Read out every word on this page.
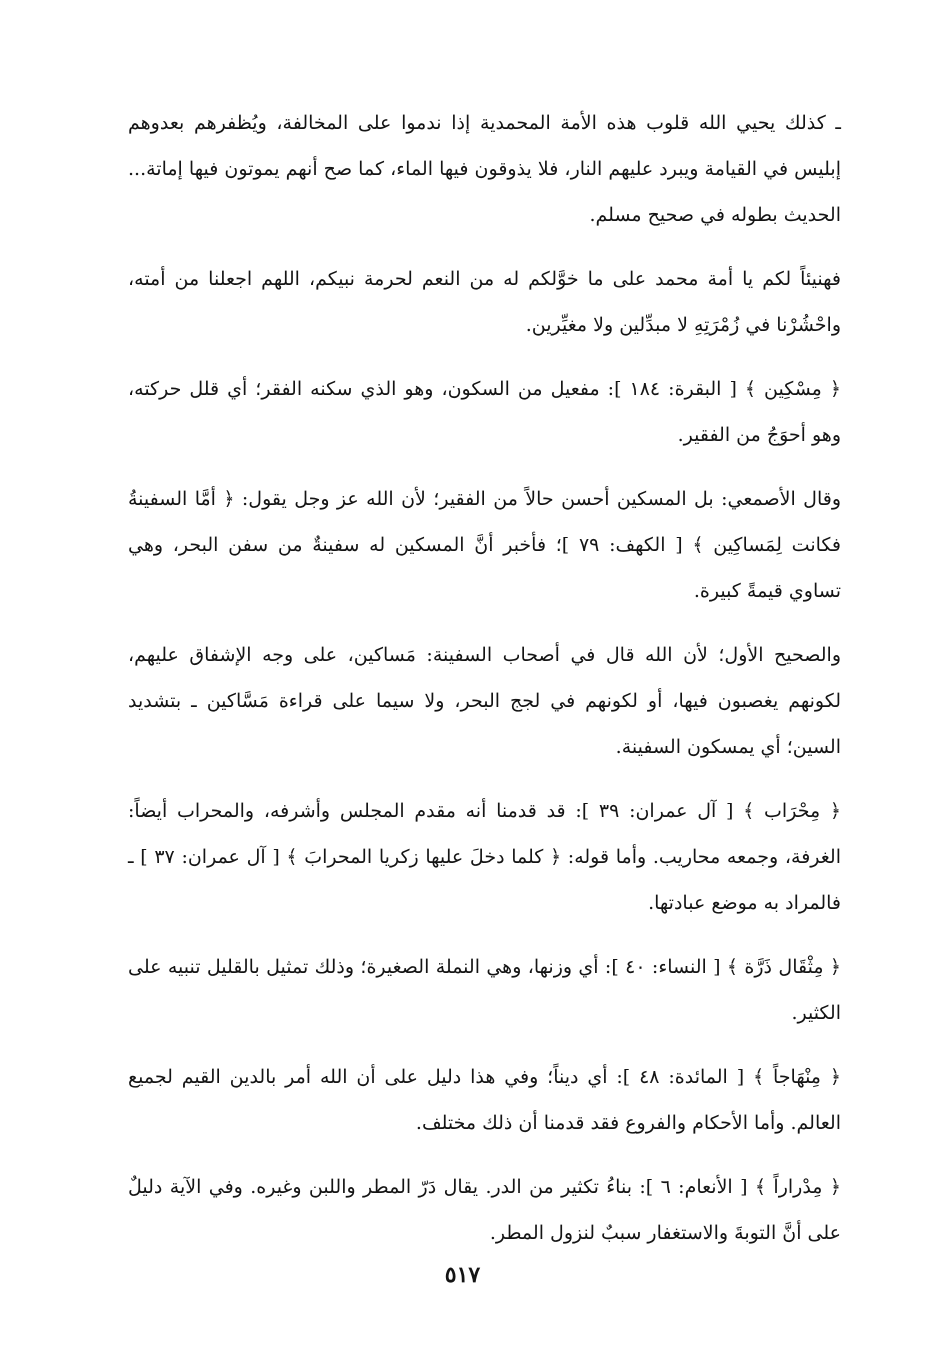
ـ كذلك يحيي الله قلوب هذه الأمة المحمدية إذا ندموا على المخالفة، ويُظفرهم بعدوهم إبليس في القيامة ويبرد عليهم النار، فلا يذوقون فيها الماء، كما صح أنهم يموتون فيها إماتة... الحديث بطوله في صحيح مسلم.

فهنيئاً لكم يا أمة محمد على ما خوَّلكم له من النعم لحرمة نبيكم، اللهم اجعلنا من أمته، واحْشُرْنا في زُمْرَتِهِ لا مبدِّلين ولا مغيِّرين.

﴿ مِسْكِين ﴾ [ البقرة: ١٨٤ ]: مفعيل من السكون، وهو الذي سكنه الفقر؛ أي قلل حركته، وهو أحوَجُ من الفقير.

وقال الأصمعي: بل المسكين أحسن حالاً من الفقير؛ لأن الله عز وجل يقول: ﴿ أمَّا السفينةُ فكانت لِمَساكِين ﴾ [ الكهف: ٧٩ ]؛ فأخبر أنَّ المسكين له سفينةٌ من سفن البحر، وهي تساوي قيمةً كبيرة.

والصحيح الأول؛ لأن الله قال في أصحاب السفينة: مَساكين، على وجه الإشفاق عليهم، لكونهم يغصبون فيها، أو لكونهم في لجج البحر، ولا سيما على قراءة مَسَّاكين ـ بتشديد السين؛ أي يمسكون السفينة.

﴿ مِحْرَاب ﴾ [ آل عمران: ٣٩ ]: قد قدمنا أنه مقدم المجلس وأشرفه، والمحراب أيضاً: الغرفة، وجمعه محاريب. وأما قوله: ﴿ كلما دخلَ عليها زكريا المحرابَ ﴾ [ آل عمران: ٣٧ ] ـ فالمراد به موضع عبادتها.

﴿ مِثْقَال ذَرَّة ﴾ [ النساء: ٤٠ ]: أي وزنها، وهي النملة الصغيرة؛ وذلك تمثيل بالقليل تنبيه على الكثير.

﴿ مِنْهَاجاً ﴾ [ المائدة: ٤٨ ]: أي ديناً؛ وفي هذا دليل على أن الله أمر بالدين القيم لجميع العالم. وأما الأحكام والفروع فقد قدمنا أن ذلك مختلف.

﴿ مِدْراراً ﴾ [ الأنعام: ٦ ]: بناءُ تكثير من الدر. يقال دَرّ المطر واللبن وغيره. وفي الآية دليلٌ على أنَّ التوبةَ والاستغفار سببٌ لنزول المطر.

٥١٧
